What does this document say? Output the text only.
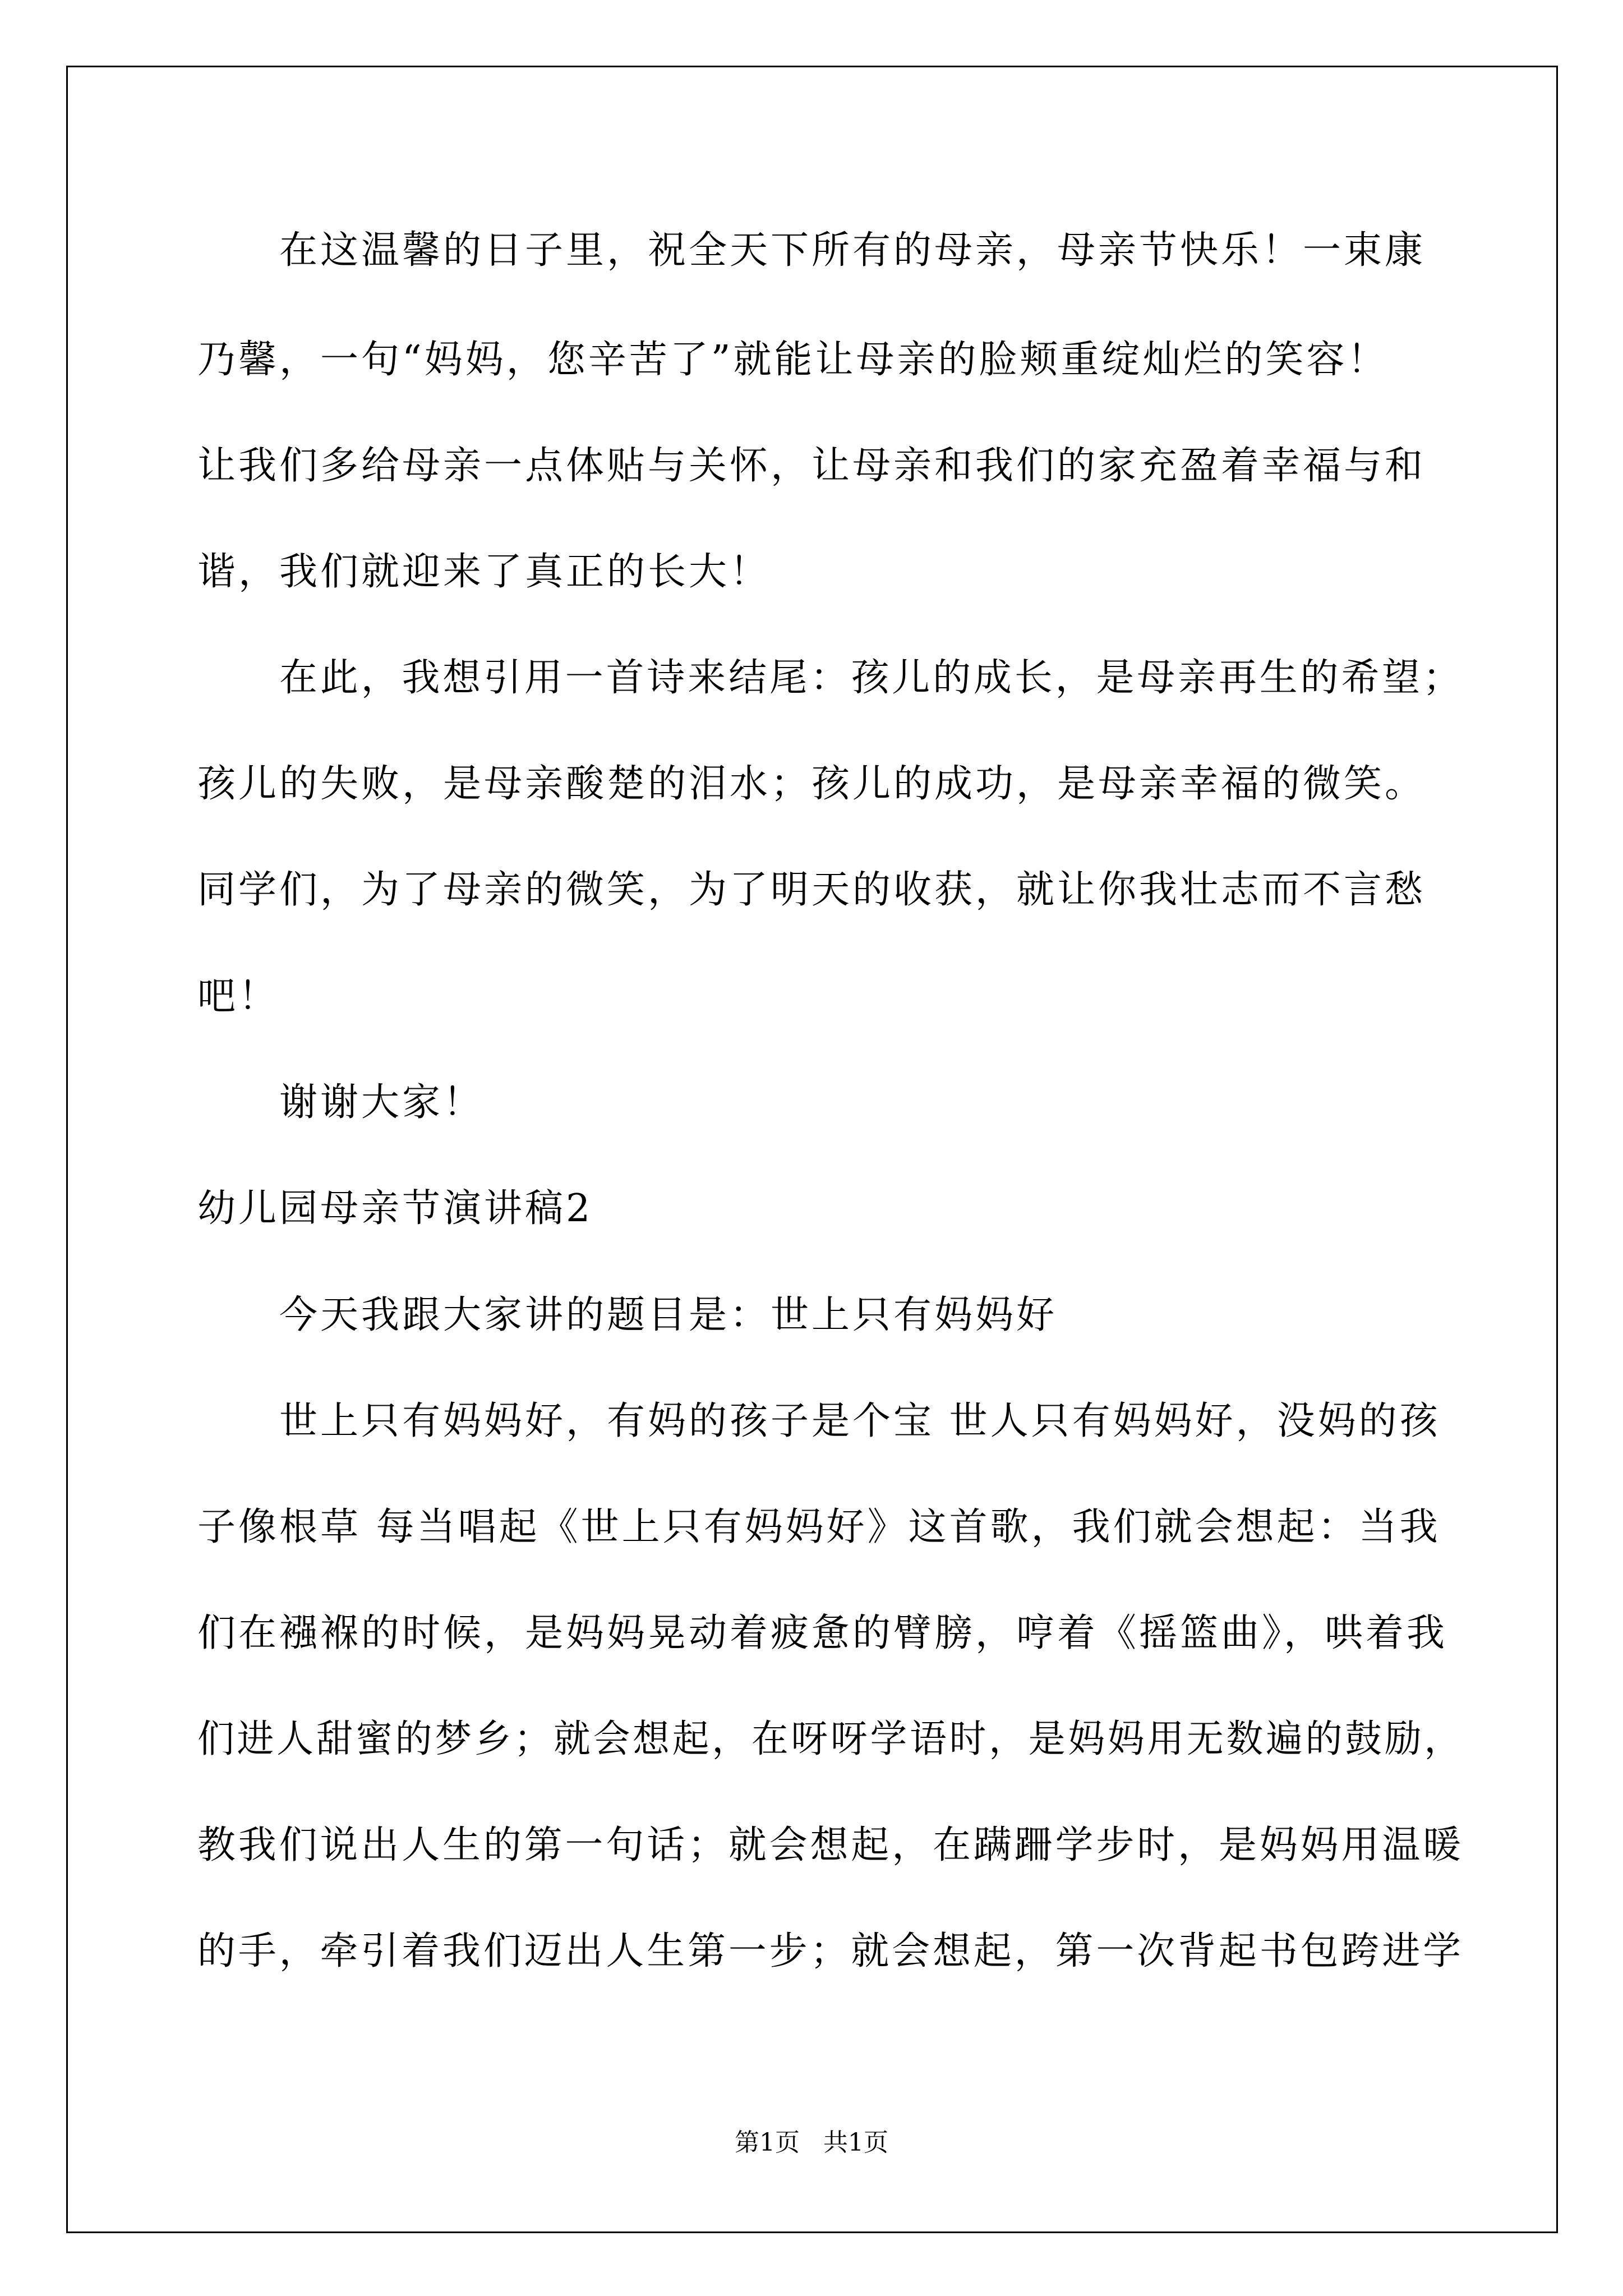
在这温馨的日子里，祝全天下所有的母亲，母亲节快乐！一束康
乃馨，一句“妈妈，您辛苦了”就能让母亲的脸颊重绽灿烂的笑容！
让我们多给母亲一点体贴与关怀，让母亲和我们的家充盈着幸福与和
谐，我们就迎来了真正的长大！
在此，我想引用一首诗来结尾：孩儿的成长，是母亲再生的希望；
孩儿的失败，是母亲酸楚的泪水；孩儿的成功，是母亲幸福的微笑。
同学们，为了母亲的微笑，为了明天的收获，就让你我壮志而不言愁
吧！
谢谢大家！
幼儿园母亲节演讲稿2
今天我跟大家讲的题目是：世上只有妈妈好
世上只有妈妈好，有妈的孩子是个宝 世人只有妈妈好，没妈的孩
子像根草 每当唱起《世上只有妈妈好》这首歌，我们就会想起：当我
们在襁褓的时候，是妈妈晃动着疲惫的臂膀，哼着《摇篮曲》，哄着我
们进人甜蜜的梦乡；就会想起，在呀呀学语时，是妈妈用无数遍的鼓励，
教我们说出人生的第一句话；就会想起，在蹒跚学步时，是妈妈用温暖
的手，牵引着我们迈出人生第一步；就会想起，第一次背起书包跨进学
第1页   共1页
